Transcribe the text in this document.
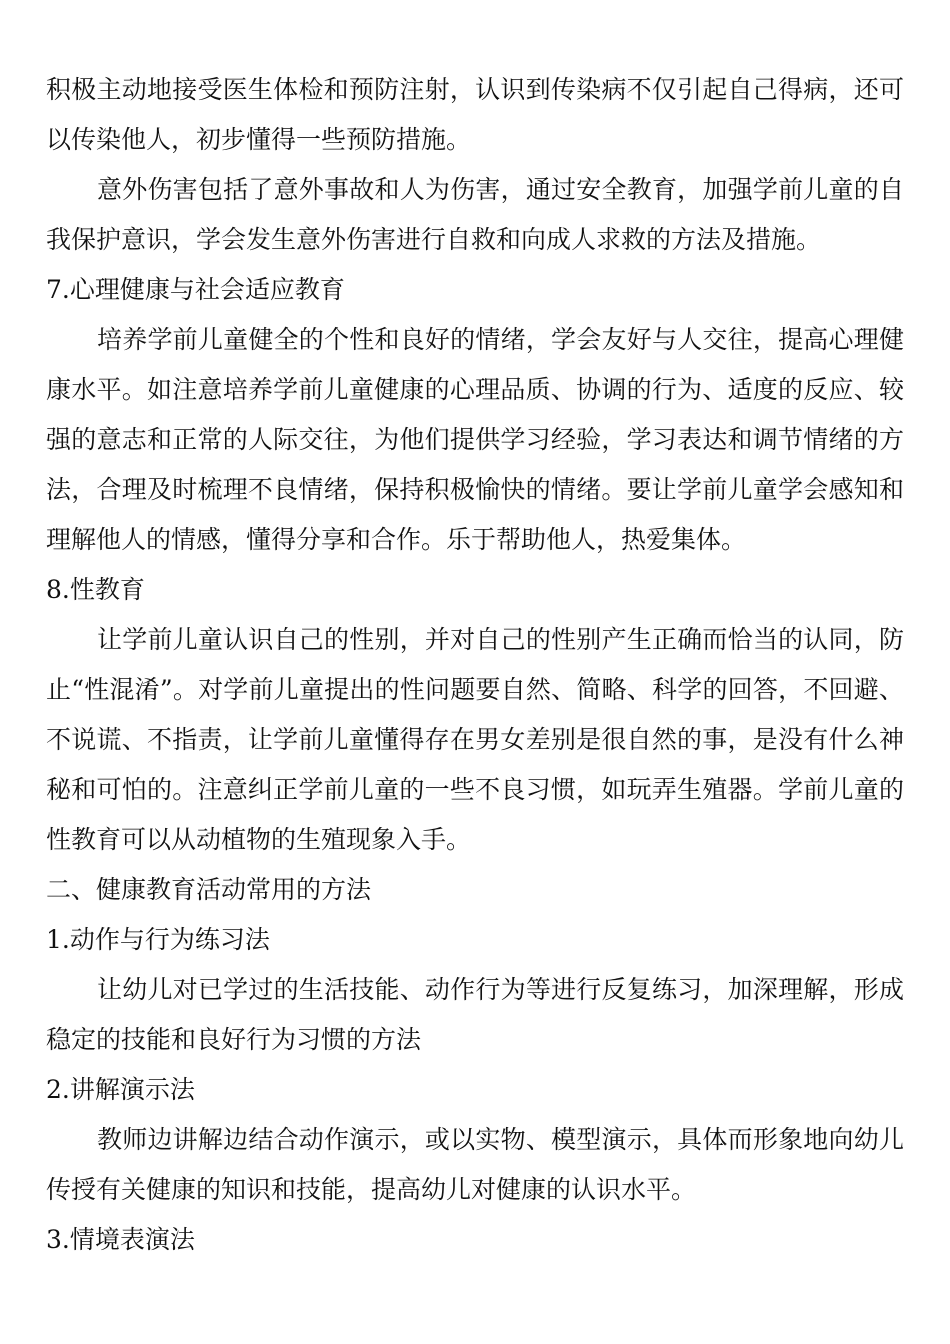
积极主动地接受医生体检和预防注射，认识到传染病不仅引起自己得病，还可
以传染他人，初步懂得一些预防措施。
意外伤害包括了意外事故和人为伤害，通过安全教育，加强学前儿童的自
我保护意识，学会发生意外伤害进行自救和向成人求救的方法及措施。
7.心理健康与社会适应教育
培养学前儿童健全的个性和良好的情绪，学会友好与人交往，提高心理健
康水平。如注意培养学前儿童健康的心理品质、协调的行为、适度的反应、较
强的意志和正常的人际交往，为他们提供学习经验，学习表达和调节情绪的方
法，合理及时梳理不良情绪，保持积极愉快的情绪。要让学前儿童学会感知和
理解他人的情感，懂得分享和合作。乐于帮助他人，热爱集体。
8.性教育
让学前儿童认识自己的性别，并对自己的性别产生正确而恰当的认同，防
止“性混淆”。对学前儿童提出的性问题要自然、简略、科学的回答，不回避、
不说谎、不指责，让学前儿童懂得存在男女差别是很自然的事，是没有什么神
秘和可怕的。注意纠正学前儿童的一些不良习惯，如玩弄生殖器。学前儿童的
性教育可以从动植物的生殖现象入手。
二、健康教育活动常用的方法
1.动作与行为练习法
让幼儿对已学过的生活技能、动作行为等进行反复练习，加深理解，形成
稳定的技能和良好行为习惯的方法
2.讲解演示法
教师边讲解边结合动作演示，或以实物、模型演示，具体而形象地向幼儿
传授有关健康的知识和技能，提高幼儿对健康的认识水平。
3.情境表演法
